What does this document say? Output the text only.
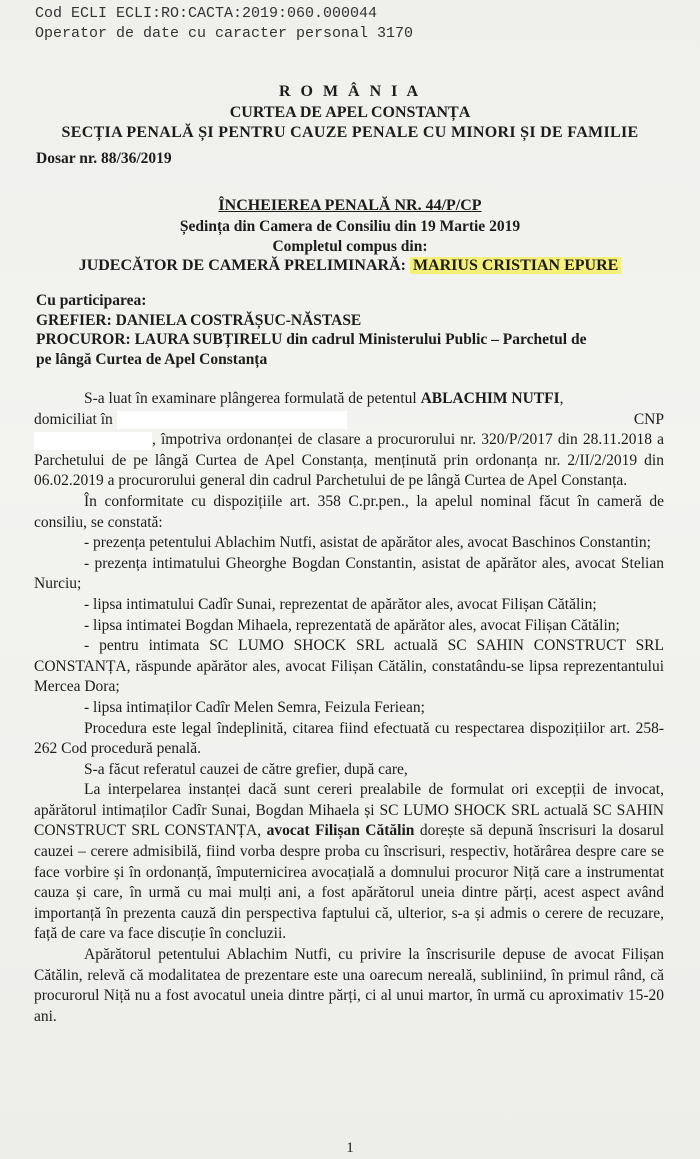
Cod ECLI ECLI:RO:CACTA:2019:060.000044
Operator de date cu caracter personal 3170
R O M Â N I A
CURTEA DE APEL CONSTANȚA
SECȚIA PENALĂ ȘI PENTRU CAUZE PENALE CU MINORI ȘI DE FAMILIE
Dosar nr. 88/36/2019
ÎNCHEIEREA PENALĂ NR. 44/P/CP
Ședința din Camera de Consiliu din 19 Martie 2019
Completul compus din:
JUDECĂTOR DE CAMERĂ PRELIMINARĂ: MARIUS CRISTIAN EPURE
Cu participarea:
GREFIER: DANIELA COSTRĂȘUC-NĂSTASE
PROCUROR: LAURA SUBȚIRELU din cadrul Ministerului Public – Parchetul de
pe lângă Curtea de Apel Constanța

S-a luat în examinare plângerea formulată de petentul ABLACHIM NUTFI,

domiciliat în	CNP

, împotriva ordonanței de clasare a procurorului nr. 320/P/2017 din 28.11.2018 a Parchetului de pe lângă Curtea de Apel Constanța, menținută prin ordonanța nr. 2/II/2/2019 din 06.02.2019 a procurorului general din cadrul Parchetului de pe lângă Curtea de Apel Constanța.

În conformitate cu dispozițiile art. 358 C.pr.pen., la apelul nominal făcut în cameră de consiliu, se constată:

- prezența petentului Ablachim Nutfi, asistat de apărător ales, avocat Baschinos Constantin;

- prezența intimatului Gheorghe Bogdan Constantin, asistat de apărător ales, avocat Stelian Nurciu;

- lipsa intimatului Cadîr Sunai, reprezentat de apărător ales, avocat Filișan Cătălin;

- lipsa intimatei Bogdan Mihaela, reprezentată de apărător ales, avocat Filișan Cătălin;

- pentru intimata SC LUMO SHOCK SRL actuală SC SAHIN CONSTRUCT SRL CONSTANȚA, răspunde apărător ales, avocat Filișan Cătălin, constatându-se lipsa reprezentantului Mercea Dora;

- lipsa intimaților Cadîr Melen Semra, Feizula Feriean;

Procedura este legal îndeplinită, citarea fiind efectuată cu respectarea dispozițiilor art. 258-262 Cod procedură penală.

S-a făcut referatul cauzei de către grefier, după care,

La interpelarea instanței dacă sunt cereri prealabile de formulat ori excepții de invocat, apărătorul intimaților Cadîr Sunai, Bogdan Mihaela și SC LUMO SHOCK SRL actuală SC SAHIN CONSTRUCT SRL CONSTANȚA, avocat Filișan Cătălin dorește să depună înscrisuri la dosarul cauzei – cerere admisibilă, fiind vorba despre proba cu înscrisuri, respectiv, hotărârea despre care se face vorbire și în ordonanță, împuternicirea avocațială a domnului procuror Niță care a instrumentat cauza și care, în urmă cu mai mulți ani, a fost apărătorul uneia dintre părți, acest aspect având importanță în prezenta cauză din perspectiva faptului că, ulterior, s-a și admis o cerere de recuzare, față de care va face discuție în concluzii.

Apărătorul petentului Ablachim Nutfi, cu privire la înscrisurile depuse de avocat Filișan Cătălin, relevă că modalitatea de prezentare este una oarecum nereală, subliniind, în primul rând, că procurorul Niță nu a fost avocatul uneia dintre părți, ci al unui martor, în urmă cu aproximativ 15-20 ani.

1
